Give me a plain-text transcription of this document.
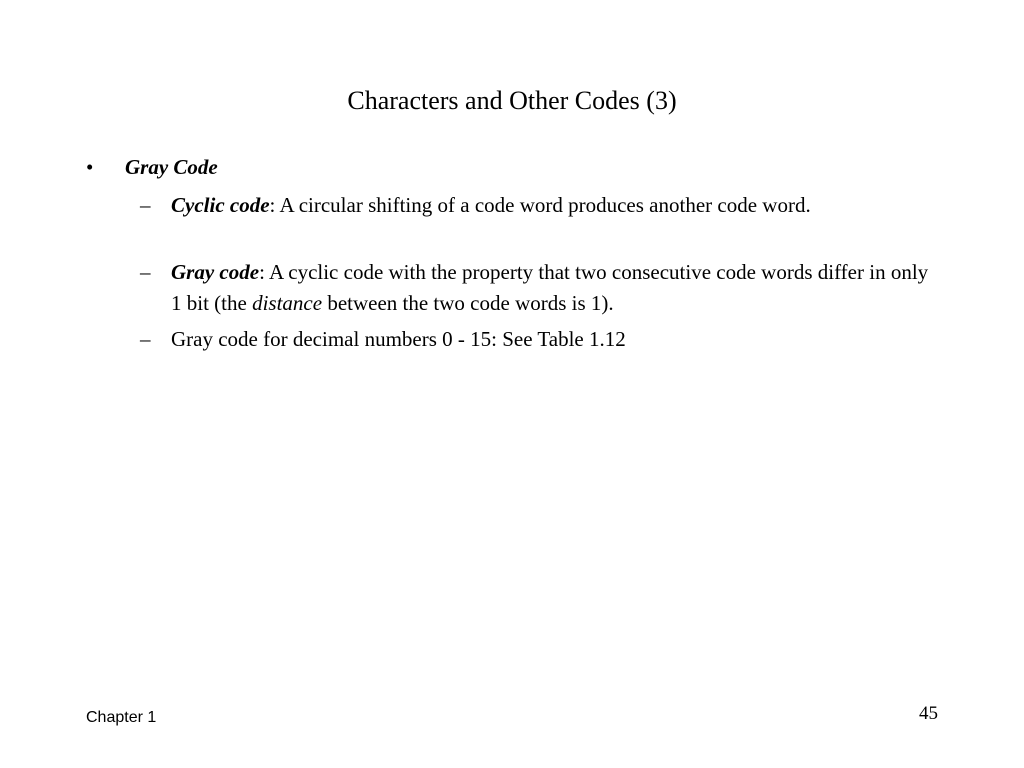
Characters and Other Codes (3)
• Gray Code
– Cyclic code: A circular shifting of a code word produces another code word.
– Gray code: A cyclic code with the property that two consecutive code words differ in only 1 bit (the distance between the two code words is 1).
– Gray code for decimal numbers 0 - 15: See Table 1.12
Chapter 1	45
